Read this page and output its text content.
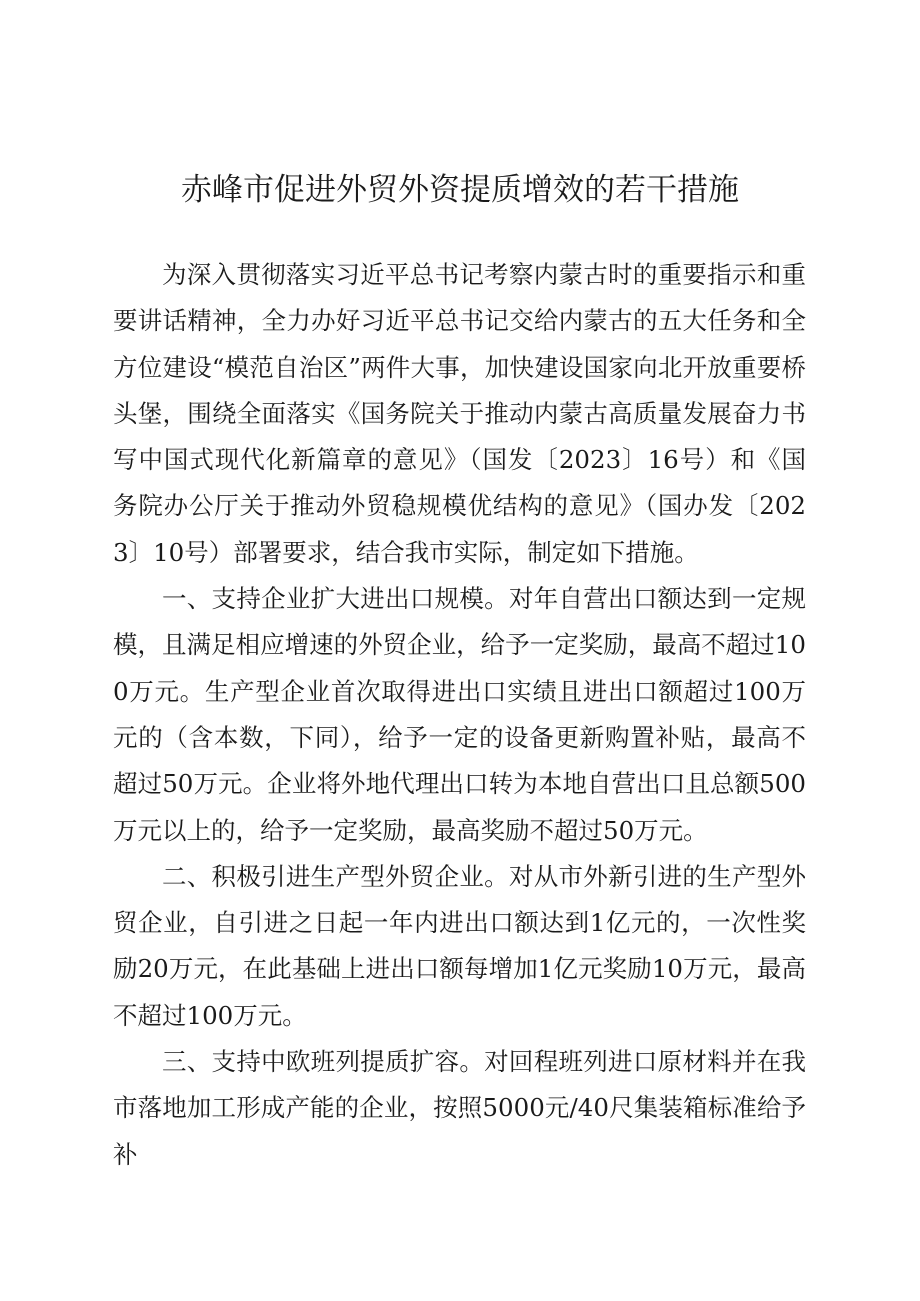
赤峰市促进外贸外资提质增效的若干措施

为深入贯彻落实习近平总书记考察内蒙古时的重要指示和重要讲话精神，全力办好习近平总书记交给内蒙古的五大任务和全方位建设“模范自治区”两件大事，加快建设国家向北开放重要桥头堡，围绕全面落实《国务院关于推动内蒙古高质量发展奋力书写中国式现代化新篇章的意见》（国发〔2023〕16号）和《国务院办公厅关于推动外贸稳规模优结构的意见》（国办发〔2023〕10号）部署要求，结合我市实际，制定如下措施。

一、支持企业扩大进出口规模。对年自营出口额达到一定规模，且满足相应增速的外贸企业，给予一定奖励，最高不超过100万元。生产型企业首次取得进出口实绩且进出口额超过100万元的（含本数，下同），给予一定的设备更新购置补贴，最高不超过50万元。企业将外地代理出口转为本地自营出口且总额500万元以上的，给予一定奖励，最高奖励不超过50万元。

二、积极引进生产型外贸企业。对从市外新引进的生产型外贸企业，自引进之日起一年内进出口额达到1亿元的，一次性奖励20万元，在此基础上进出口额每增加1亿元奖励10万元，最高不超过100万元。

三、支持中欧班列提质扩容。对回程班列进口原材料并在我市落地加工形成产能的企业，按照5000元/40尺集装箱标准给予补
